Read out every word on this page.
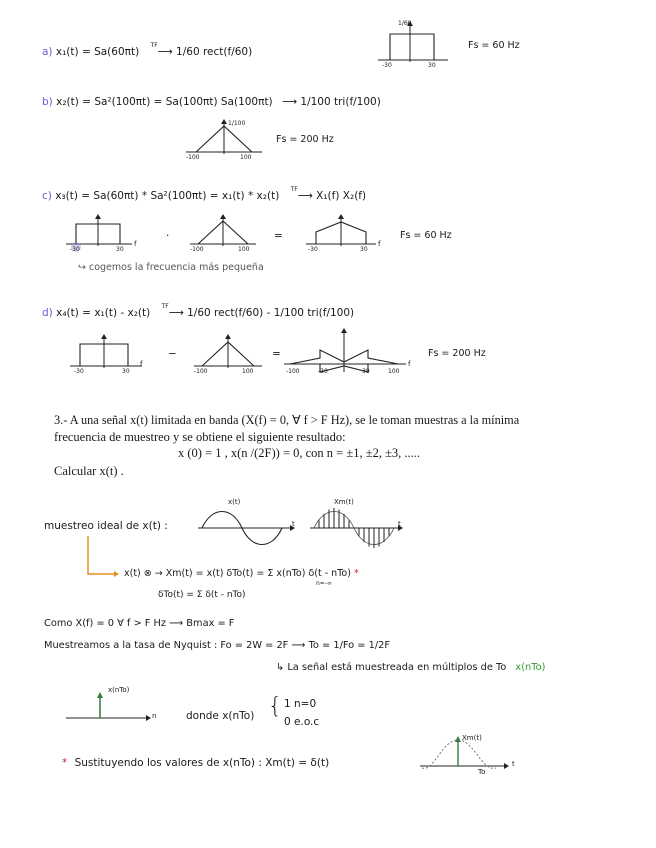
a) x₁(t) = Sa(60πt) $^{TF}$⟶ 1/60 rect(f/60)
-30	30
1/60
Fs = 60 Hz
b) x₂(t) = Sa²(100πt) = Sa(100πt) Sa(100πt) ⟶ 1/100 tri(f/100)
-100	100
1/100
Fs = 200 Hz
c) x₃(t) = Sa(60πt) * Sa²(100πt) = x₁(t) * x₂(t) $^{TF}$⟶ X₁(f) X₂(f)
-30	30
f
·
-100	100
=
-30	30
f
Fs = 60 Hz
↪ cogemos la frecuencia más pequeña
d) x₄(t) = x₁(t) - x₂(t) $^{TF}$⟶ 1/60 rect(f/60) - 1/100 tri(f/100)
-30	30
f
−
-100	100
=
-100	-30	30	100
f
Fs = 200 Hz
3.- A una señal x(t) limitada en banda (X(f) = 0, ∀ f > F Hz), se le toman muestras a la mínima
frecuencia de muestreo y se obtiene el siguiente resultado:
x (0) = 1 , x(n /(2F)) = 0, con n = ±1, ±2, ±3, .....
Calcular x(t) .
muestreo ideal de x(t) :
x(t)
t
Xm(t)
t
x(t) ⊗ → Xm(t) = x(t) δTo(t) = Σ x(nTo) δ(t - nTo) *
n=-∞
δTo(t) = Σ δ(t - nTo)
Como X(f) = 0 ∀ f > F Hz ⟶ Bmax = F
Muestreamos a la tasa de Nyquist : Fo = 2W = 2F ⟶ To = 1/Fo = 1/2F
↳ La señal está muestreada en múltiplos de To x(nTo)
x(nTo)
n	donde x(nTo) { 1 n=0
0 e.o.c
* Sustituyendo los valores de x(nTo) : Xm(t) = δ(t)
Xm(t)
To
t
